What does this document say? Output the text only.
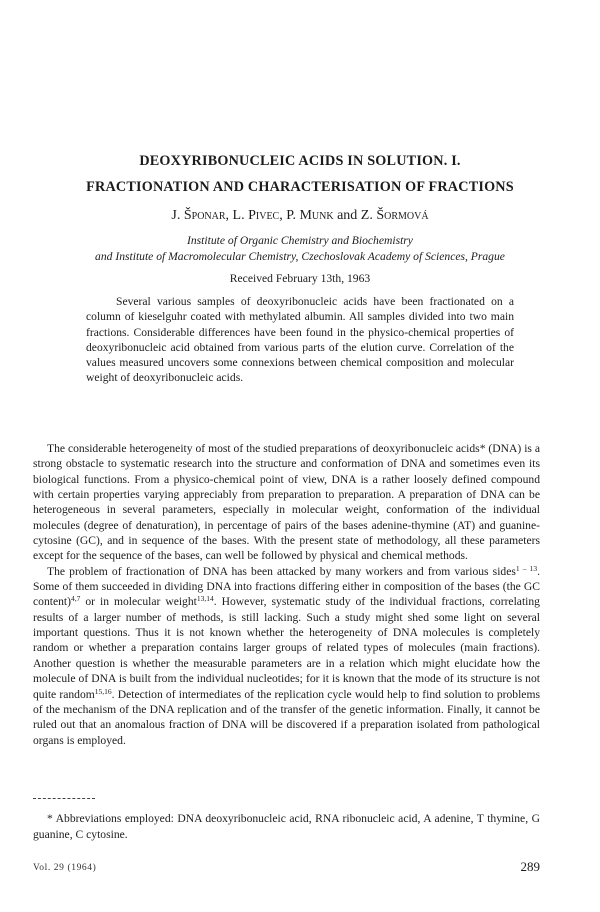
DEOXYRIBONUCLEIC ACIDS IN SOLUTION. I.
FRACTIONATION AND CHARACTERISATION OF FRACTIONS
J. Šponar, L. Pivec, P. Munk and Z. Šormová
Institute of Organic Chemistry and Biochemistry
and Institute of Macromolecular Chemistry, Czechoslovak Academy of Sciences, Prague
Received February 13th, 1963

Several various samples of deoxyribonucleic acids have been fractionated on a column of kieselguhr coated with methylated albumin. All samples divided into two main fractions. Considerable differences have been found in the physico-chemical properties of deoxyribonucleic acid obtained from various parts of the elution curve. Correlation of the values measured uncovers some connexions between chemical composition and molecular weight of deoxyribonucleic acids.

The considerable heterogeneity of most of the studied preparations of deoxyribonucleic acids* (DNA) is a strong obstacle to systematic research into the structure and conformation of DNA and sometimes even its biological functions. From a physico-chemical point of view, DNA is a rather loosely defined compound with certain properties varying appreciably from preparation to preparation. A preparation of DNA can be heterogeneous in several parameters, especially in molecular weight, conformation of the individual molecules (degree of denaturation), in percentage of pairs of the bases adenine-thymine (AT) and guanine-cytosine (GC), and in sequence of the bases. With the present state of methodology, all these parameters except for the sequence of the bases, can well be followed by physical and chemical methods.

The problem of fractionation of DNA has been attacked by many workers and from various sides$^{1 - 13}$. Some of them succeeded in dividing DNA into fractions differing either in composition of the bases (the GC content)$^{4,7}$ or in molecular weight$^{13,14}$. However, systematic study of the individual fractions, correlating results of a larger number of methods, is still lacking. Such a study might shed some light on several important questions. Thus it is not known whether the heterogeneity of DNA molecules is completely random or whether a preparation contains larger groups of related types of molecules (main fractions). Another question is whether the measurable parameters are in a relation which might elucidate how the molecule of DNA is built from the individual nucleotides; for it is known that the mode of its structure is not quite random$^{15,16}$. Detection of intermediates of the replication cycle would help to find solution to problems of the mechanism of the DNA replication and of the transfer of the genetic information. Finally, it cannot be ruled out that an anomalous fraction of DNA will be discovered if a preparation isolated from pathological organs is employed.

* Abbreviations employed: DNA deoxyribonucleic acid, RNA ribonucleic acid, A adenine, T thymine, G guanine, C cytosine.

Vol. 29 (1964)	289
